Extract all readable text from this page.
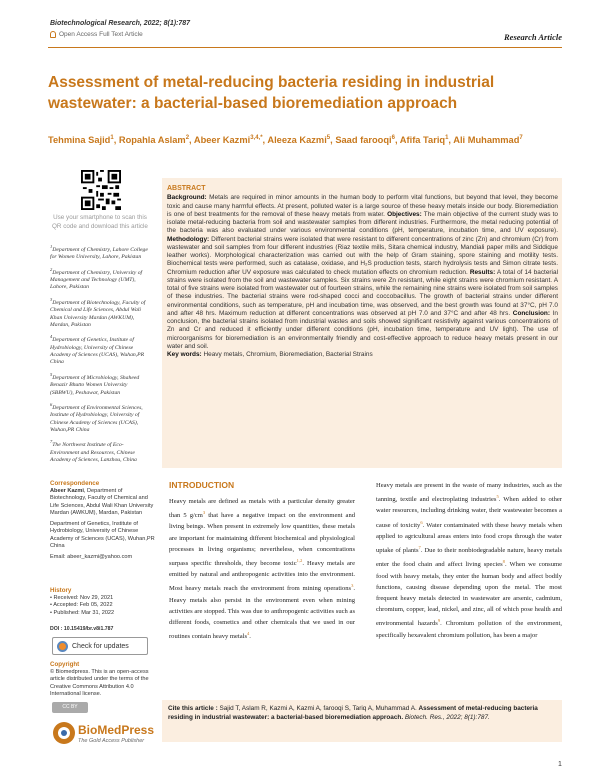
Biotechnological Research, 2022; 8(1):787
Open Access Full Text Article	Research Article
Assessment of metal-reducing bacteria residing in industrial wastewater: a bacterial-based bioremediation approach
Tehmina Sajid$^1$, Ropahla Aslam$^2$, Abeer Kazmi$^{3,4,*}$, Aleeza Kazmi$^5$, Saad farooqi$^6$, Afifa Tariq$^1$, Ali Muhammad$^7$
Use your smartphone to scan this QR code and download this article

$^1$Department of Chemistry, Lahore College for Women University, Lahore, Pakistan

$^2$Department of Chemistry, University of Management and Technology (UMT), Lahore, Pakistan

$^3$Department of Biotechnology, Faculty of Chemical and Life Sciences, Abdul Wali Khan University Mardan (AWKUM), Mardan, Pakistan

$^4$Department of Genetics, Institute of Hydrobiology, University of Chinese Academy of Sciences (UCAS), Wuhan,PR China

$^5$Department of Microbiology, Shaheed Benazir Bhutto Women University (SBBWU), Peshawar, Pakistan

$^6$Department of Environmental Sciences, Institute of Hydrobiology, University of Chinese Academy of Sciences (UCAS), Wuhan,PR China

$^7$The Northwest Institute of Eco-Environment and Resources, Chinese Academy of Sciences, Lanzhou, China

Correspondence
Abeer Kazmi, Department of Biotechnology, Faculty of Chemical and Life Sciences, Abdul Wali Khan University Mardan (AWKUM), Mardan, Pakistan
Department of Genetics, Institute of Hydrobiology, University of Chinese Academy of Sciences (UCAS), Wuhan,PR China
Email: abeer_kazmi@yahoo.com
History
• Received: Nov 29, 2021
• Accepted: Feb 05, 2022
• Published: Mar 31, 2022
DOI : 10.15419/br.v8i1.787
Check for updates
Copyright
© Biomedpress. This is an open-access article distributed under the terms of the Creative Commons Attribution 4.0 International license.
CC BY
BioMedPress
The Gold Access Publisher
ABSTRACT
Background: Metals are required in minor amounts in the human body to perform vital functions, but beyond that level, they become toxic and cause many harmful effects. At present, polluted water is a large source of these heavy metals inside our body. Bioremediation is one of best treatments for the removal of these heavy metals from water. Objectives: The main objective of the current study was to isolate metal-reducing bacteria from soil and wastewater samples from different industries. Furthermore, the metal reducing potential of the bacteria was also evaluated under various environmental conditions (pH, temperature, incubation time, and UV exposure). Methodology: Different bacterial strains were isolated that were resistant to different concentrations of zinc (Zn) and chromium (Cr) from wastewater and soil samples from four different industries (Riaz textile mills, Sitara chemical industry, Mandiali paper mills and Siddique leather works). Morphological characterization was carried out with the help of Gram staining, spore staining and motility tests. Biochemical tests were performed, such as catalase, oxidase, and H₂S production tests, starch hydrolysis tests and Simon citrate tests. Chromium reduction after UV exposure was calculated to check mutation effects on chromium reduction. Results: A total of 14 bacterial strains were isolated from the soil and wastewater samples. Six strains were Zn resistant, while eight strains were chromium resistant. A total of five strains were isolated from wastewater out of fourteen strains, while the remaining nine strains were isolated from soil samples of these industries. The bacterial strains were rod-shaped cocci and coccobacillus. The growth of bacterial strains under different environmental conditions, such as temperature, pH and incubation time, was observed, and the best growth was found at 37°C, pH 7.0 and after 48 hrs. Maximum reduction at different concentrations was observed at pH 7.0 and 37°C and after 48 hrs. Conclusion: In conclusion, the bacterial strains isolated from industrial wastes and soils showed significant resistivity against various concentrations of Zn and Cr and reduced it efficiently under different conditions (pH, incubation time, temperature and UV light). The use of microorganisms for bioremediation is an environmentally friendly and cost-effective approach to reduce heavy metals present in our water and soil.
Key words: Heavy metals, Chromium, Bioremediation, Bacterial Strains
INTRODUCTION
Heavy metals are defined as metals with a particular density greater than 5 $g/cm^3$ that have a negative impact on the environment and living beings. When present in extremely low quantities, these metals are important for maintaining different biochemical and physiological processes in living organisms; nevertheless, when concentrations surpass specific thresholds, they become toxic$^{1,2}$. Heavy metals are emitted by natural and anthropogenic activities into the environment. Most heavy metals reach the environment from mining operations$^3$. Heavy metals also persist in the environment even when mining activities are stopped. This was due to anthropogenic activities such as different foods, cosmetics and other chemicals that we used in our routines contain heavy metals$^4$.
Heavy metals are present in the waste of many industries, such as the tanning, textile and electroplating industries$^5$. When added to other water resources, including drinking water, their wastewater becomes a cause of toxicity$^6$. Water contaminated with these heavy metals when applied to agricultural areas enters into food crops through the water uptake of plants$^7$. Due to their nonbiodegradable nature, heavy metals enter the food chain and affect living species$^8$. When we consume food with heavy metals, they enter the human body and affect bodily functions, causing disease depending upon the metal. The most frequent heavy metals detected in wastewater are arsenic, cadmium, chromium, copper, lead, nickel, and zinc, all of which pose health and environmental hazards$^9$. Chromium pollution of the environment, specifically hexavalent chromium pollution, has been a major
Cite this article : Sajid T, Aslam R, Kazmi A, Kazmi A, farooqi S, Tariq A, Muhammad A. Assessment of metal-reducing bacteria residing in industrial wastewater: a bacterial-based bioremediation approach. Biotech. Res., 2022; 8(1):787.
1
